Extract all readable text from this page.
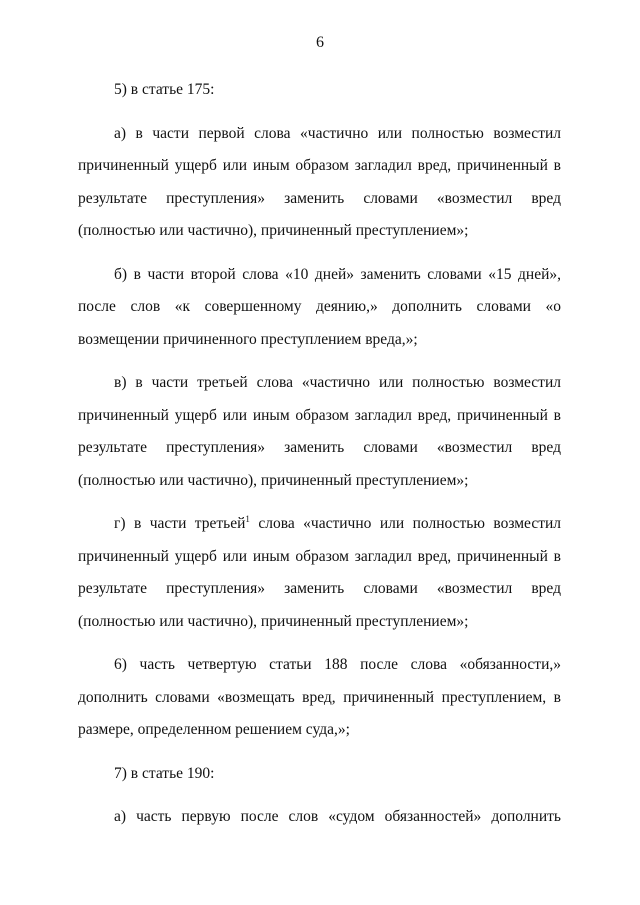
6

5) в статье 175:

а) в части первой слова «частично или полностью возместил причиненный ущерб или иным образом загладил вред, причиненный в результате преступления» заменить словами «возместил вред (полностью или частично), причиненный преступлением»;

б) в части второй слова «10 дней» заменить словами «15 дней», после слов «к совершенному деянию,» дополнить словами «о возмещении причиненного преступлением вреда,»;

в) в части третьей слова «частично или полностью возместил причиненный ущерб или иным образом загладил вред, причиненный в результате преступления» заменить словами «возместил вред (полностью или частично), причиненный преступлением»;

г) в части третьей$^1$ слова «частично или полностью возместил причиненный ущерб или иным образом загладил вред, причиненный в результате преступления» заменить словами «возместил вред (полностью или частично), причиненный преступлением»;

6) часть четвертую статьи 188 после слова «обязанности,» дополнить словами «возмещать вред, причиненный преступлением, в размере, определенном решением суда,»;

7) в статье 190:

а) часть первую после слов «судом обязанностей» дополнить
